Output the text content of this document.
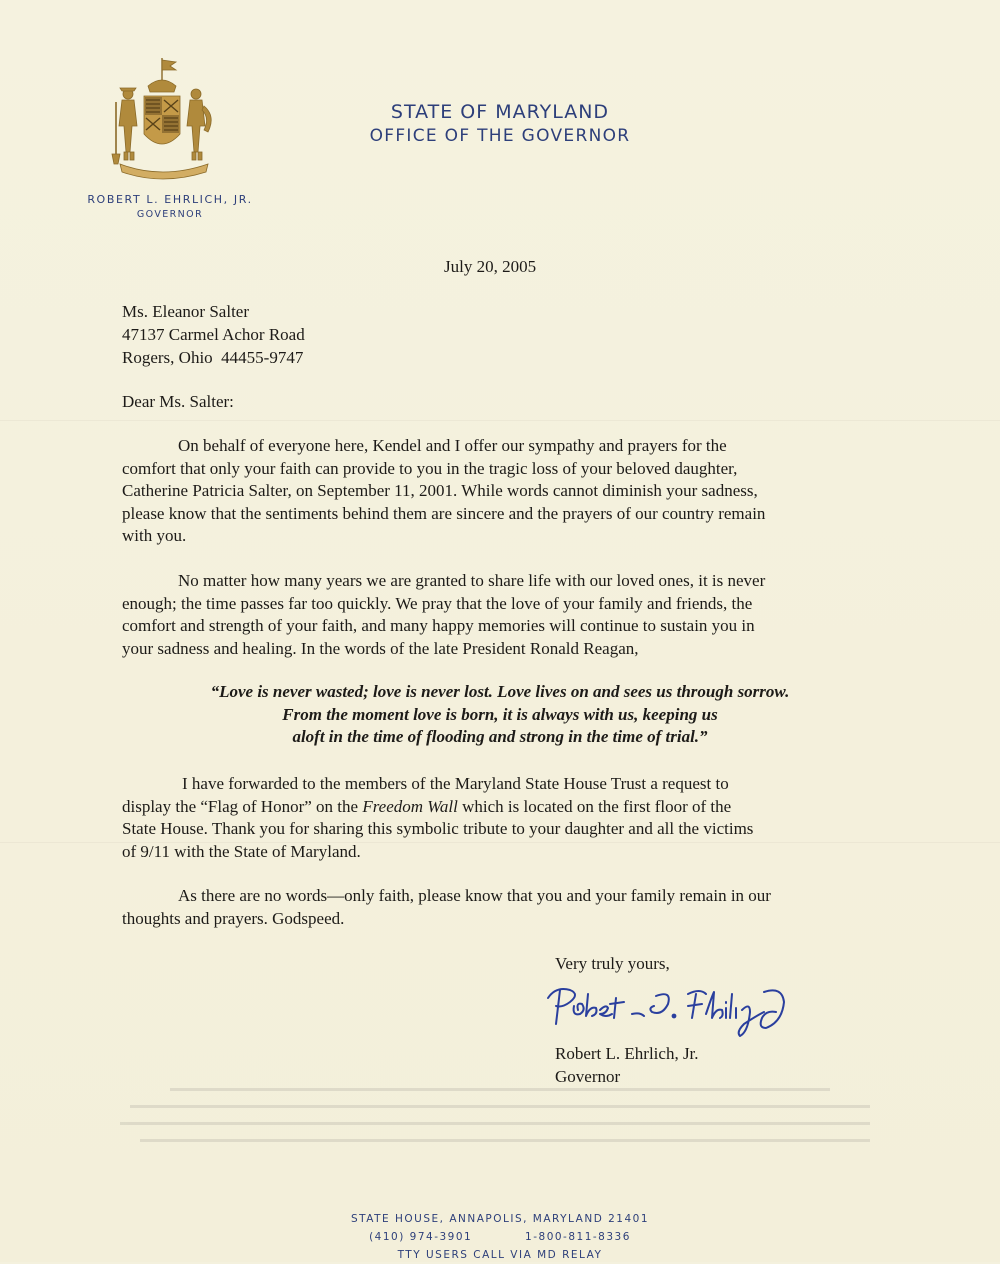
STATE OF MARYLAND
OFFICE OF THE GOVERNOR
ROBERT L. EHRLICH, JR.
GOVERNOR
July 20, 2005
Ms. Eleanor Salter
47137 Carmel Achor Road
Rogers, Ohio  44455-9747
Dear Ms. Salter:
On behalf of everyone here, Kendel and I offer our sympathy and prayers for the
comfort that only your faith can provide to you in the tragic loss of your beloved daughter,
Catherine Patricia Salter, on September 11, 2001. While words cannot diminish your sadness,
please know that the sentiments behind them are sincere and the prayers of our country remain
with you.
No matter how many years we are granted to share life with our loved ones, it is never
enough; the time passes far too quickly. We pray that the love of your family and friends, the
comfort and strength of your faith, and many happy memories will continue to sustain you in
your sadness and healing. In the words of the late President Ronald Reagan,
“Love is never wasted; love is never lost. Love lives on and sees us through sorrow.
From the moment love is born, it is always with us, keeping us
aloft in the time of flooding and strong in the time of trial.”
I have forwarded to the members of the Maryland State House Trust a request to
display the “Flag of Honor” on the Freedom Wall which is located on the first floor of the
State House. Thank you for sharing this symbolic tribute to your daughter and all the victims
of 9/11 with the State of Maryland.
As there are no words—only faith, please know that you and your family remain in our
thoughts and prayers. Godspeed.
Very truly yours,
Robert L. Ehrlich, Jr.
Governor
STATE HOUSE, ANNAPOLIS, MARYLAND 21401
(410) 974-3901	1-800-811-8336
TTY USERS CALL VIA MD RELAY
